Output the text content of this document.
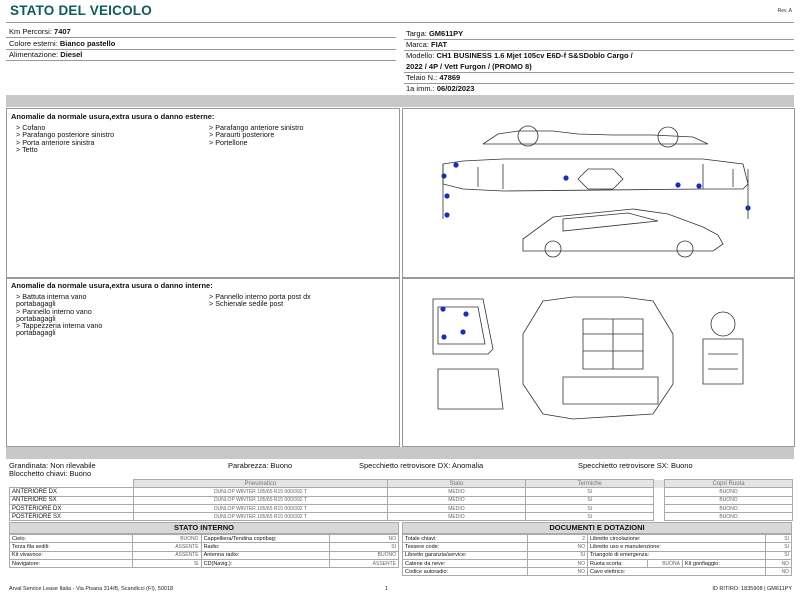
STATO DEL VEICOLO	Rev. A
Km Percorsi: 7407
Colore esterni: Bianco pastello
Alimentazione: Diesel
Targa: GM611PY
Marca: FIAT
Modello: CH1 BUSINESS 1.6 Mjet 105cv E6D-f S&SDoblo Cargo /
2022 / 4P / Vett Furgon / (PROMO 8)
Telaio N.: 47869
1a imm.: 06/02/2023
Anomalie da normale usura,extra usura o danno esterne:
> Cofano
> Parafango posteriore sinistro
> Porta anteriore sinistra
> Tetto
> Parafango anteriore sinistro
> Paraurti posteriore
> Portellone
Anomalie da normale usura,extra usura o danno interne:
> Battuta interna vano
portabagagli
> Pannello interno vano
portabagagli
> Tappezzeria interna vano
portabagagli
> Pannello interno porta post dx
> Schienale sedile post
Grandinata: Non rilevabile	Parabrezza: Buono	Specchietto retrovisore DX: Anomalia	Specchietto retrovisore SX: Buono
Blocchetto chiavi: Buono
	Pneumatico	Stato	Termiche		Copri Ruota
ANTERIORE DX	DUNLOP WINTER 185/65 R15 000/392 T	MEDIO	SI		BUONO
ANTERIORE SX	DUNLOP WINTER 185/65 R15 000/392 T	MEDIO	SI		BUONO
POSTERIORE DX	DUNLOP WINTER 185/65 R15 000/392 T	MEDIO	SI		BUONO
POSTERIORE SX	DUNLOP WINTER 185/65 R15 000/392 T	MEDIO	SI		BUONO
STATO INTERNO
Cielo:	BUONO	Cappelliera/Tendina copribag:	NO
Terza fila sedili:	ASSENTE	Radio:	SI
Kit vivavoce:	ASSENTE	Antenna radio:	BUONO
Navigatore:	SI	CD(Navig.):	ASSENTE
DOCUMENTI E DOTAZIONI
Totale chiavi:	2	Libretto circolazione:			SI
Tessere code:	NO	Libretto uso e manutenzione:			SI
Libretto garanzia/service:	SI	Triangolo di emergenza:			SI
Catene da neve:	NO	Ruota scorta:	BUONA	Kit gonfiaggio:	NO
Codice autoradio:	NO	Cavo elettrico:			NO
Arval Service Lease Italia - Via Pisana 314/B, Scandicci (FI), 50018	1	ID RITIRO: 1835908 | GM611PY
